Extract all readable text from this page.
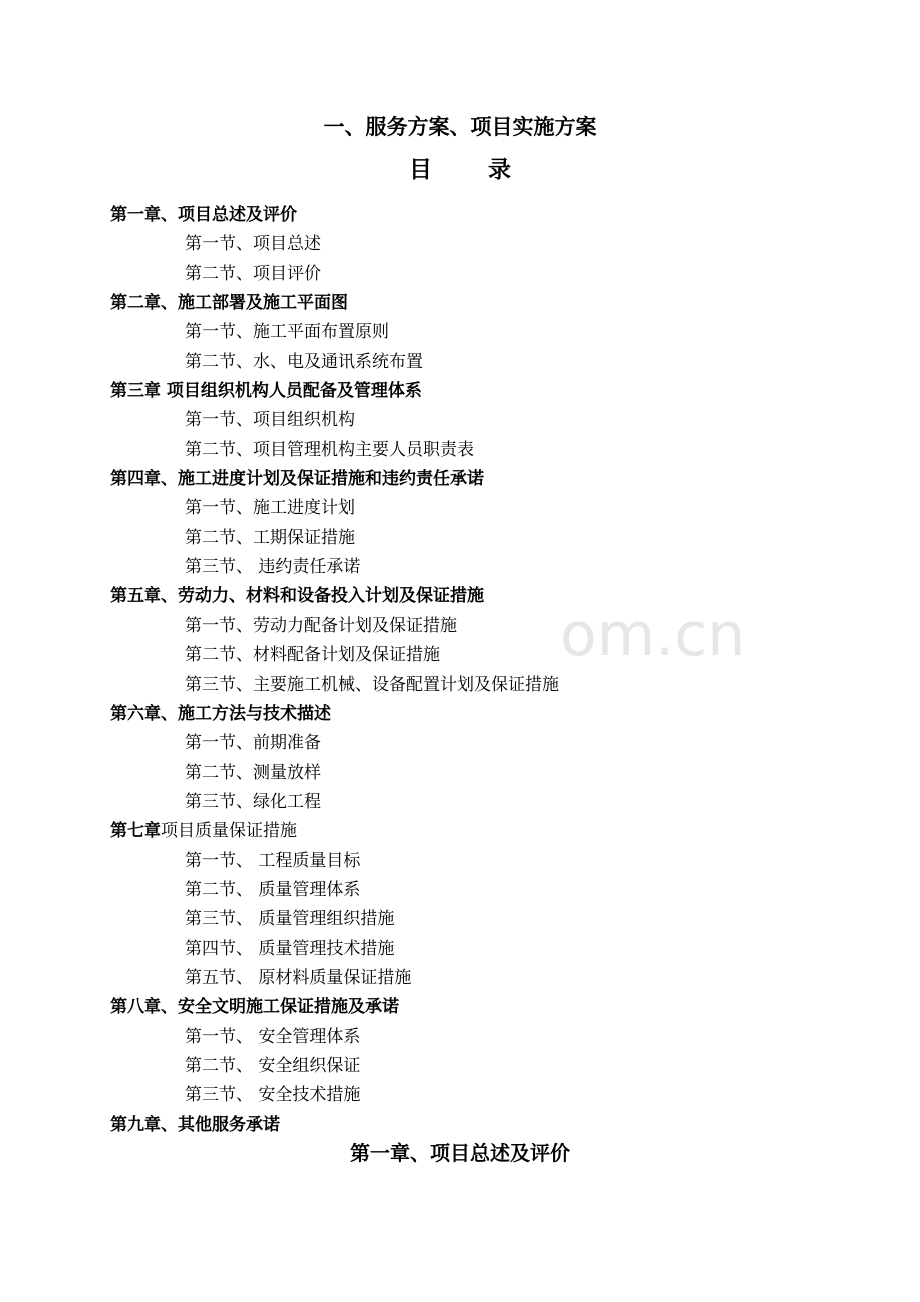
om.cn
一、服务方案、项目实施方案
目 录
第一章、项目总述及评价
第一节、项目总述
第二节、项目评价
第二章、施工部署及施工平面图
第一节、施工平面布置原则
第二节、水、电及通讯系统布置
第三章 项目组织机构人员配备及管理体系
第一节、项目组织机构
第二节、项目管理机构主要人员职责表
第四章、施工进度计划及保证措施和违约责任承诺
第一节、施工进度计划
第二节、工期保证措施
第三节、 违约责任承诺
第五章、劳动力、材料和设备投入计划及保证措施
第一节、劳动力配备计划及保证措施
第二节、材料配备计划及保证措施
第三节、主要施工机械、设备配置计划及保证措施
第六章、施工方法与技术描述
第一节、前期准备
第二节、测量放样
第三节、绿化工程
第七章项目质量保证措施
第一节、 工程质量目标
第二节、 质量管理体系
第三节、 质量管理组织措施
第四节、 质量管理技术措施
第五节、 原材料质量保证措施
第八章、安全文明施工保证措施及承诺
第一节、 安全管理体系
第二节、 安全组织保证
第三节、 安全技术措施
第九章、其他服务承诺
第一章、项目总述及评价
